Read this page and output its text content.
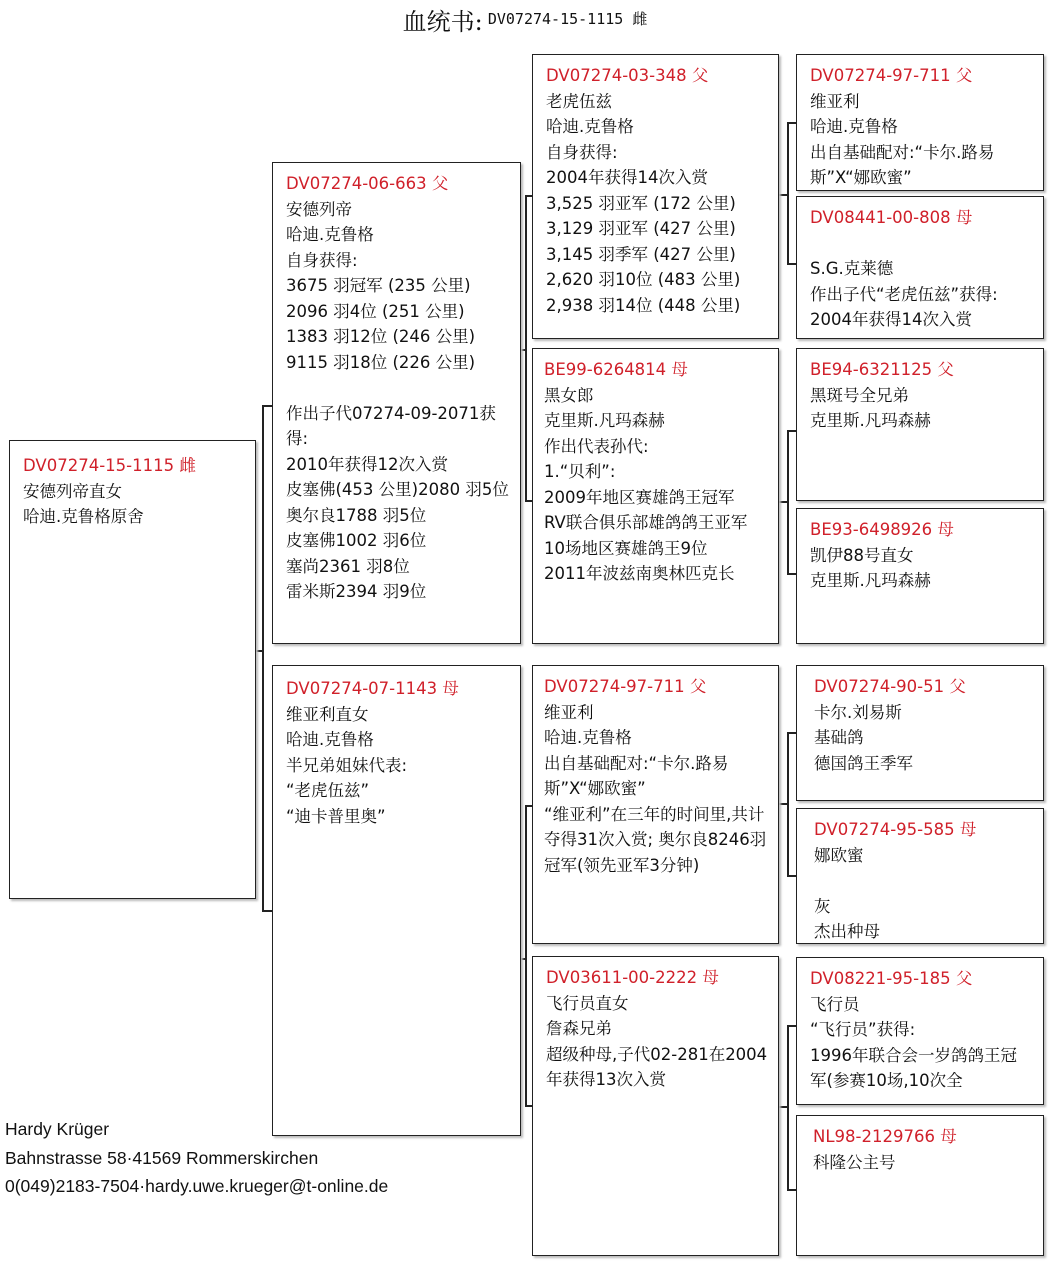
血统书: DV07274-15-1115 雌
DV07274-15-1115 雌
安德列帝直女
哈迪.克鲁格原舍
DV07274-06-663 父
安德列帝
哈迪.克鲁格
自身获得:
3675 羽冠军 (235 公里)
2096 羽4位 (251 公里)
1383 羽12位 (246 公里)
9115 羽18位 (226 公里)

作出子代07274-09-2071获得:
2010年获得12次入赏
皮塞佛(453 公里)2080 羽5位
奥尔良1788 羽5位
皮塞佛1002 羽6位
塞尚2361 羽8位
雷米斯2394 羽9位
DV07274-07-1143 母
维亚利直女
哈迪.克鲁格
半兄弟姐妹代表:
“老虎伍兹”
“迪卡普里奥”
DV07274-03-348 父
老虎伍兹
哈迪.克鲁格
自身获得:
2004年获得14次入赏
3,525 羽亚军 (172 公里)
3,129 羽亚军 (427 公里)
3,145 羽季军 (427 公里)
2,620 羽10位 (483 公里)
2,938 羽14位 (448 公里)
BE99-6264814 母
黑女郎
克里斯.凡玛森赫
作出代表孙代:
1.“贝利”:
2009年地区赛雄鸽王冠军
RV联合俱乐部雄鸽鸽王亚军
10场地区赛雄鸽王9位
2011年波兹南奥林匹克长
DV07274-97-711 父
维亚利
哈迪.克鲁格
出自基础配对:“卡尔.路易斯”X“娜欧蜜”
“维亚利”在三年的时间里,共计夺得31次入赏; 奥尔良8246羽冠军(领先亚军3分钟)
DV03611-00-2222 母
飞行员直女
詹森兄弟
超级种母,子代02-281在2004年获得13次入赏
DV07274-97-711 父
维亚利
哈迪.克鲁格
出自基础配对:“卡尔.路易斯”X“娜欧蜜”
DV08441-00-808 母

S.G.克莱德
作出子代“老虎伍兹”获得:
2004年获得14次入赏
BE94-6321125 父
黑斑号全兄弟
克里斯.凡玛森赫
BE93-6498926 母
凯伊88号直女
克里斯.凡玛森赫
DV07274-90-51 父
卡尔.刘易斯
基础鸽
德国鸽王季军
DV07274-95-585 母
娜欧蜜

灰
杰出种母
DV08221-95-185 父
飞行员
“飞行员”获得:
1996年联合会一岁鸽鸽王冠军(参赛10场,10次全
NL98-2129766 母
科隆公主号
Hardy Krüger
Bahnstrasse 58·41569 Rommerskirchen
0(049)2183-7504·hardy.uwe.krueger@t-online.de
